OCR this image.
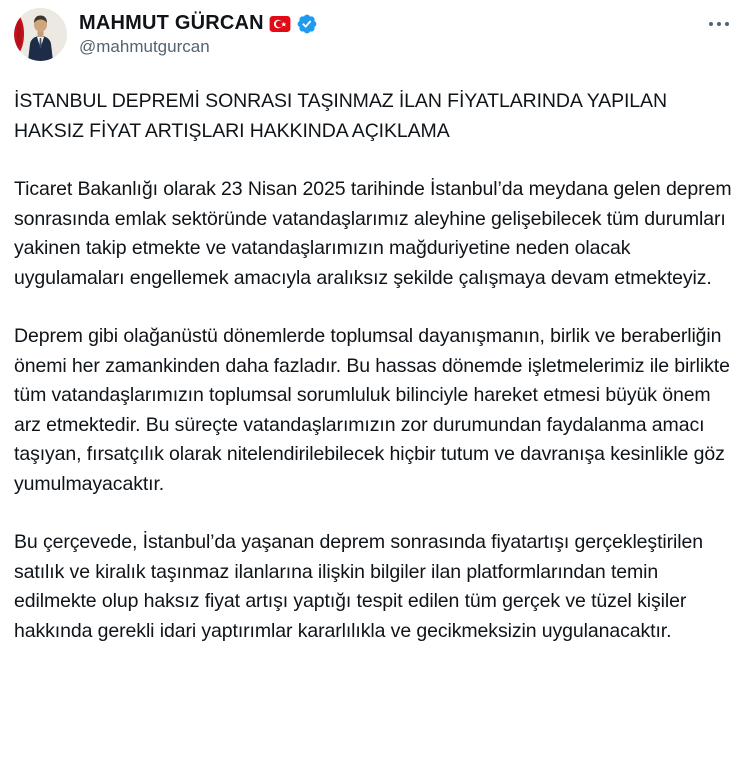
MAHMUT GÜRCAN
@mahmutgurcan

İSTANBUL DEPREMİ SONRASI TAŞINMAZ İLAN FİYATLARINDA YAPILAN HAKSIZ FİYAT ARTIŞLARI HAKKINDA AÇIKLAMA

Ticaret Bakanlığı olarak 23 Nisan 2025 tarihinde İstanbul’da meydana gelen deprem sonrasında emlak sektöründe vatandaşlarımız aleyhine gelişebilecek tüm durumları yakinen takip etmekte ve vatandaşlarımızın mağduriyetine neden olacak uygulamaları engellemek amacıyla aralıksız şekilde çalışmaya devam etmekteyiz.

Deprem gibi olağanüstü dönemlerde toplumsal dayanışmanın, birlik ve beraberliğin önemi her zamankinden daha fazladır. Bu hassas dönemde işletmelerimiz ile birlikte tüm vatandaşlarımızın toplumsal sorumluluk bilinciyle hareket etmesi büyük önem arz etmektedir. Bu süreçte vatandaşlarımızın zor durumundan faydalanma amacı taşıyan, fırsatçılık olarak nitelendirilebilecek hiçbir tutum ve davranışa kesinlikle göz yumulmayacaktır.

Bu çerçevede, İstanbul’da yaşanan deprem sonrasında fiyatartışı gerçekleştirilen satılık ve kiralık taşınmaz ilanlarına ilişkin bilgiler ilan platformlarından temin edilmekte olup haksız fiyat artışı yaptığı tespit edilen tüm gerçek ve tüzel kişiler hakkında gerekli idari yaptırımlar kararlılıkla ve gecikmeksizin uygulanacaktır.
